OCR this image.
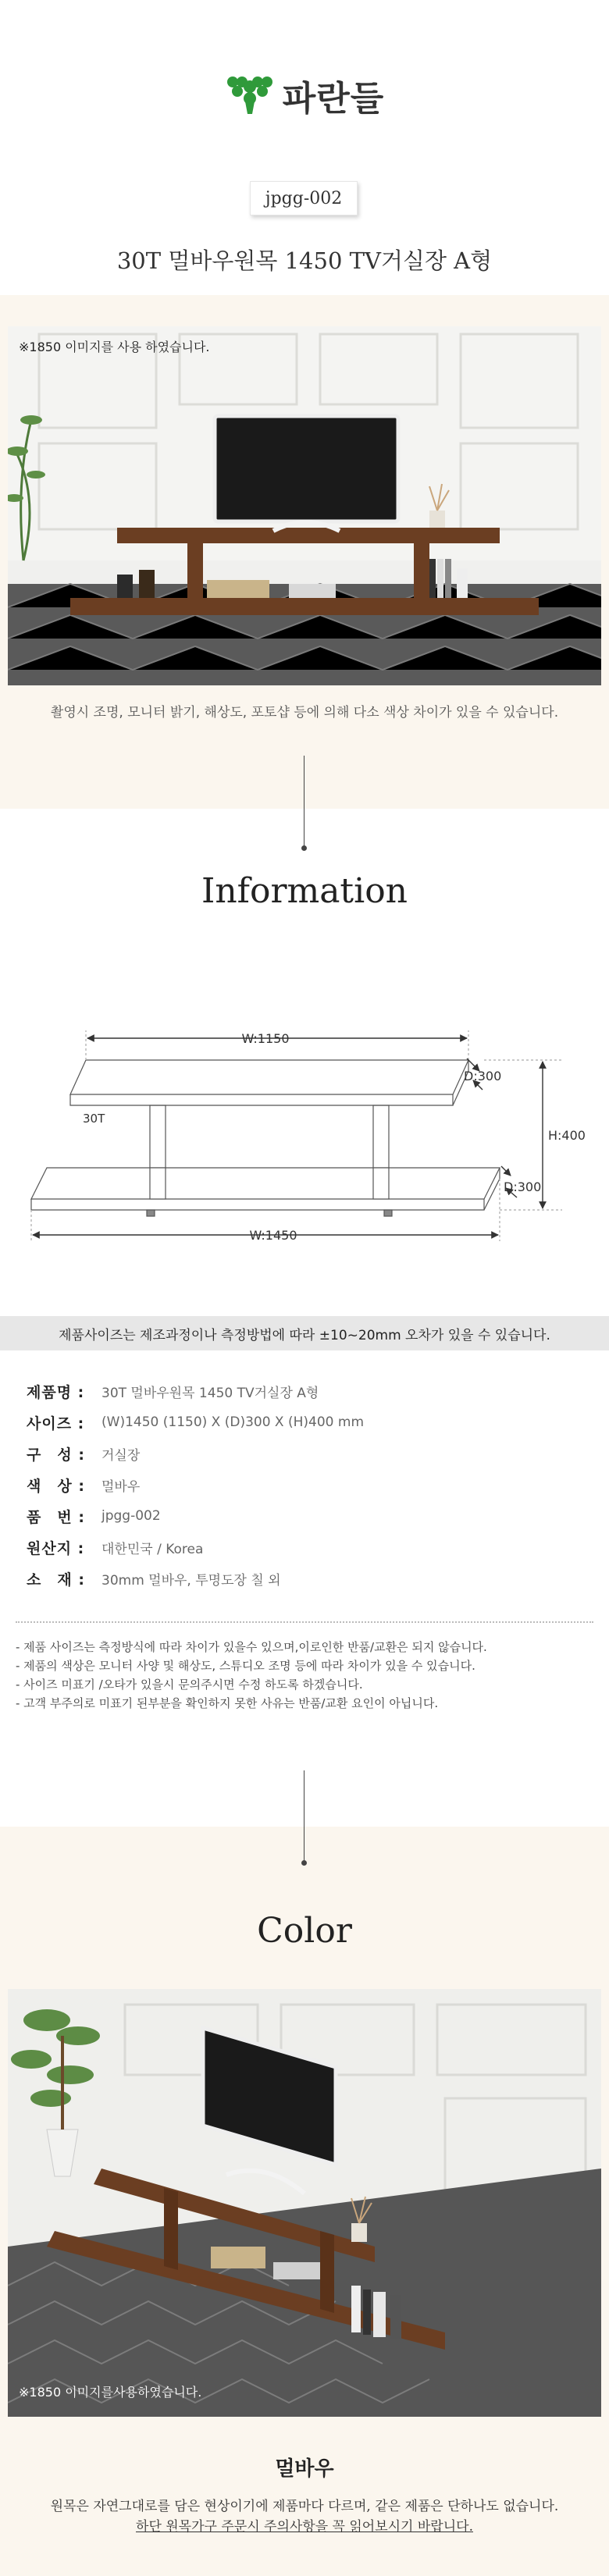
파란들
jpgg-002
30T 멀바우원목 1450 TV거실장 A형
※1850 이미지를 사용 하였습니다.
촬영시 조명, 모니터 밝기, 해상도, 포토샵 등에 의해 다소 색상 차이가 있을 수 있습니다.
Information
W:1150
W:1450
H:400
D:300
D:300
30T
제품사이즈는 제조과정이나 측정방법에 따라 ±10~20mm 오차가 있을 수 있습니다.
제품명 :	30T 멀바우원목 1450 TV거실장 A형
사이즈 :	(W)1450 (1150) X (D)300 X (H)400 mm
구　성 :	거실장
색　상 :	멀바우
품　번 :	jpgg-002
원산지 :	대한민국 / Korea
소　재 :	30mm 멀바우, 투명도장 칠 외
- 제품 사이즈는 측정방식에 따라 차이가 있을수 있으며,이로인한 반품/교환은 되지 않습니다.
- 제품의 색상은 모니터 사양 및 해상도, 스튜디오 조명 등에 따라 차이가 있을 수 있습니다.
- 사이즈 미표기 /오타가 있을시 문의주시면 수정 하도록 하겠습니다.
- 고객 부주의로 미표기 된부분을 확인하지 못한 사유는 반품/교환 요인이 아닙니다.
Color
※1850 이미지를사용하였습니다.
멀바우
원목은 자연그대로를 담은 현상이기에 제품마다 다르며, 같은 제품은 단하나도 없습니다.
하단 원목가구 주문시 주의사항을 꼭 읽어보시기 바랍니다.
